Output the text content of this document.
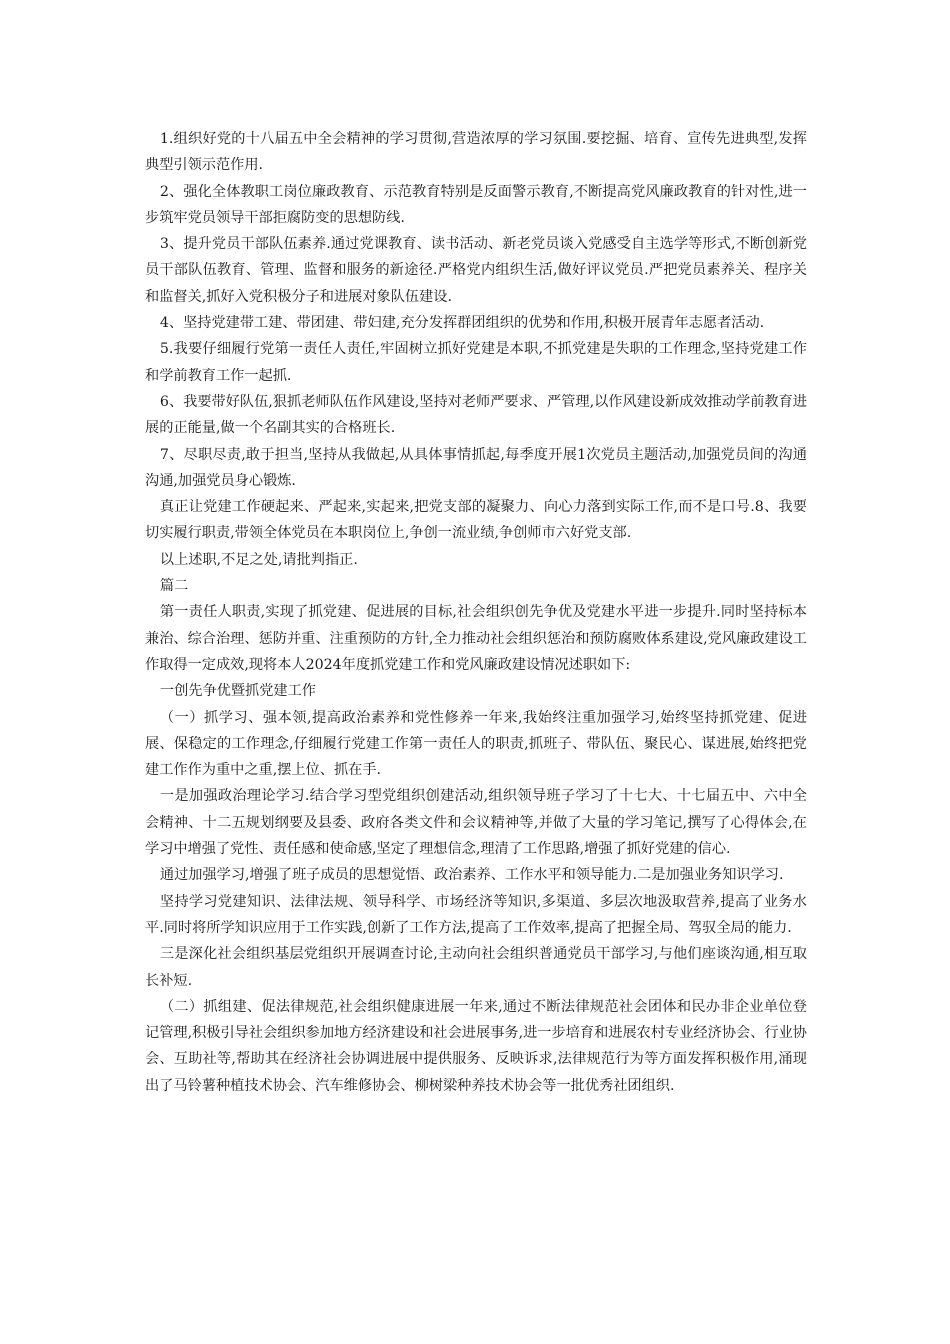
1.组织好党的十八届五中全会精神的学习贯彻,营造浓厚的学习氛围.要挖掘、培育、宣传先进典型,发挥典型引领示范作用.

2、强化全体教职工岗位廉政教育、示范教育特别是反面警示教育,不断提高党风廉政教育的针对性,进一步筑牢党员领导干部拒腐防变的思想防线.

3、提升党员干部队伍素养.通过党课教育、读书活动、新老党员谈入党感受自主选学等形式,不断创新党员干部队伍教育、管理、监督和服务的新途径.严格党内组织生活,做好评议党员.严把党员素养关、程序关和监督关,抓好入党积极分子和进展对象队伍建设.

4、坚持党建带工建、带团建、带妇建,充分发挥群团组织的优势和作用,积极开展青年志愿者活动.

5.我要仔细履行党第一责任人责任,牢固树立抓好党建是本职,不抓党建是失职的工作理念,坚持党建工作和学前教育工作一起抓.

6、我要带好队伍,狠抓老师队伍作风建设,坚持对老师严要求、严管理,以作风建设新成效推动学前教育进展的正能量,做一个名副其实的合格班长.

7、尽职尽责,敢于担当,坚持从我做起,从具体事情抓起,每季度开展1次党员主题活动,加强党员间的沟通沟通,加强党员身心锻炼.

真正让党建工作硬起来、严起来,实起来,把党支部的凝聚力、向心力落到实际工作,而不是口号.8、我要切实履行职责,带领全体党员在本职岗位上,争创一流业绩,争创师市六好党支部.

以上述职,不足之处,请批判指正.

篇二

第一责任人职责,实现了抓党建、促进展的目标,社会组织创先争优及党建水平进一步提升.同时坚持标本兼治、综合治理、惩防并重、注重预防的方针,全力推动社会组织惩治和预防腐败体系建设,党风廉政建设工作取得一定成效,现将本人2024年度抓党建工作和党风廉政建设情况述职如下:

一创先争优暨抓党建工作

（一）抓学习、强本领,提高政治素养和党性修养一年来,我始终注重加强学习,始终坚持抓党建、促进展、保稳定的工作理念,仔细履行党建工作第一责任人的职责,抓班子、带队伍、聚民心、谋进展,始终把党建工作作为重中之重,摆上位、抓在手.

一是加强政治理论学习.结合学习型党组织创建活动,组织领导班子学习了十七大、十七届五中、六中全会精神、十二五规划纲要及县委、政府各类文件和会议精神等,并做了大量的学习笔记,撰写了心得体会,在学习中增强了党性、责任感和使命感,坚定了理想信念,理清了工作思路,增强了抓好党建的信心.

通过加强学习,增强了班子成员的思想觉悟、政治素养、工作水平和领导能力.二是加强业务知识学习.

坚持学习党建知识、法律法规、领导科学、市场经济等知识,多渠道、多层次地汲取营养,提高了业务水平.同时将所学知识应用于工作实践,创新了工作方法,提高了工作效率,提高了把握全局、驾驭全局的能力.

三是深化社会组织基层党组织开展调查讨论,主动向社会组织普通党员干部学习,与他们座谈沟通,相互取长补短.

（二）抓组建、促法律规范,社会组织健康进展一年来,通过不断法律规范社会团体和民办非企业单位登记管理,积极引导社会组织参加地方经济建设和社会进展事务,进一步培育和进展农村专业经济协会、行业协会、互助社等,帮助其在经济社会协调进展中提供服务、反映诉求,法律规范行为等方面发挥积极作用,涌现出了马铃薯种植技术协会、汽车维修协会、柳树梁种养技术协会等一批优秀社团组织.
